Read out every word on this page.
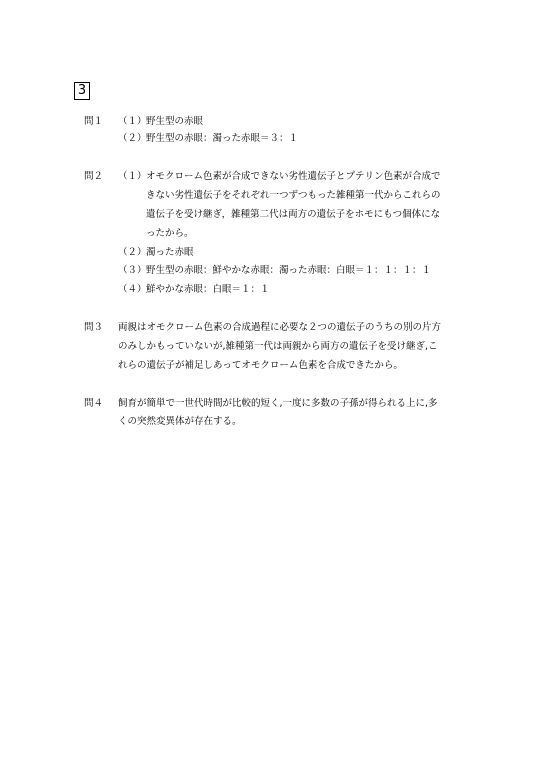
3
問１ （１） 野生型の赤眼
（２） 野生型の赤眼：濁った赤眼＝３：１
問２ （１） オモクローム色素が合成できない劣性遺伝子とプテリン色素が合成で
きない劣性遺伝子をそれぞれ一つずつもった雑種第一代からこれらの
遺伝子を受け継ぎ，雑種第二代は両方の遺伝子をホモにもつ個体にな
ったから。
（２） 濁った赤眼
（３） 野生型の赤眼：鮮やかな赤眼：濁った赤眼：白眼＝１：１：１：１
（４） 鮮やかな赤眼：白眼＝１：１
問３ 両親はオモクローム色素の合成過程に必要な２つの遺伝子のうちの別の片方
のみしかもっていないが,雑種第一代は両親から両方の遺伝子を受け継ぎ,こ
れらの遺伝子が補足しあってオモクローム色素を合成できたから。
問４ 飼育が簡単で一世代時間が比較的短く,一度に多数の子孫が得られる上に,多
くの突然変異体が存在する。
